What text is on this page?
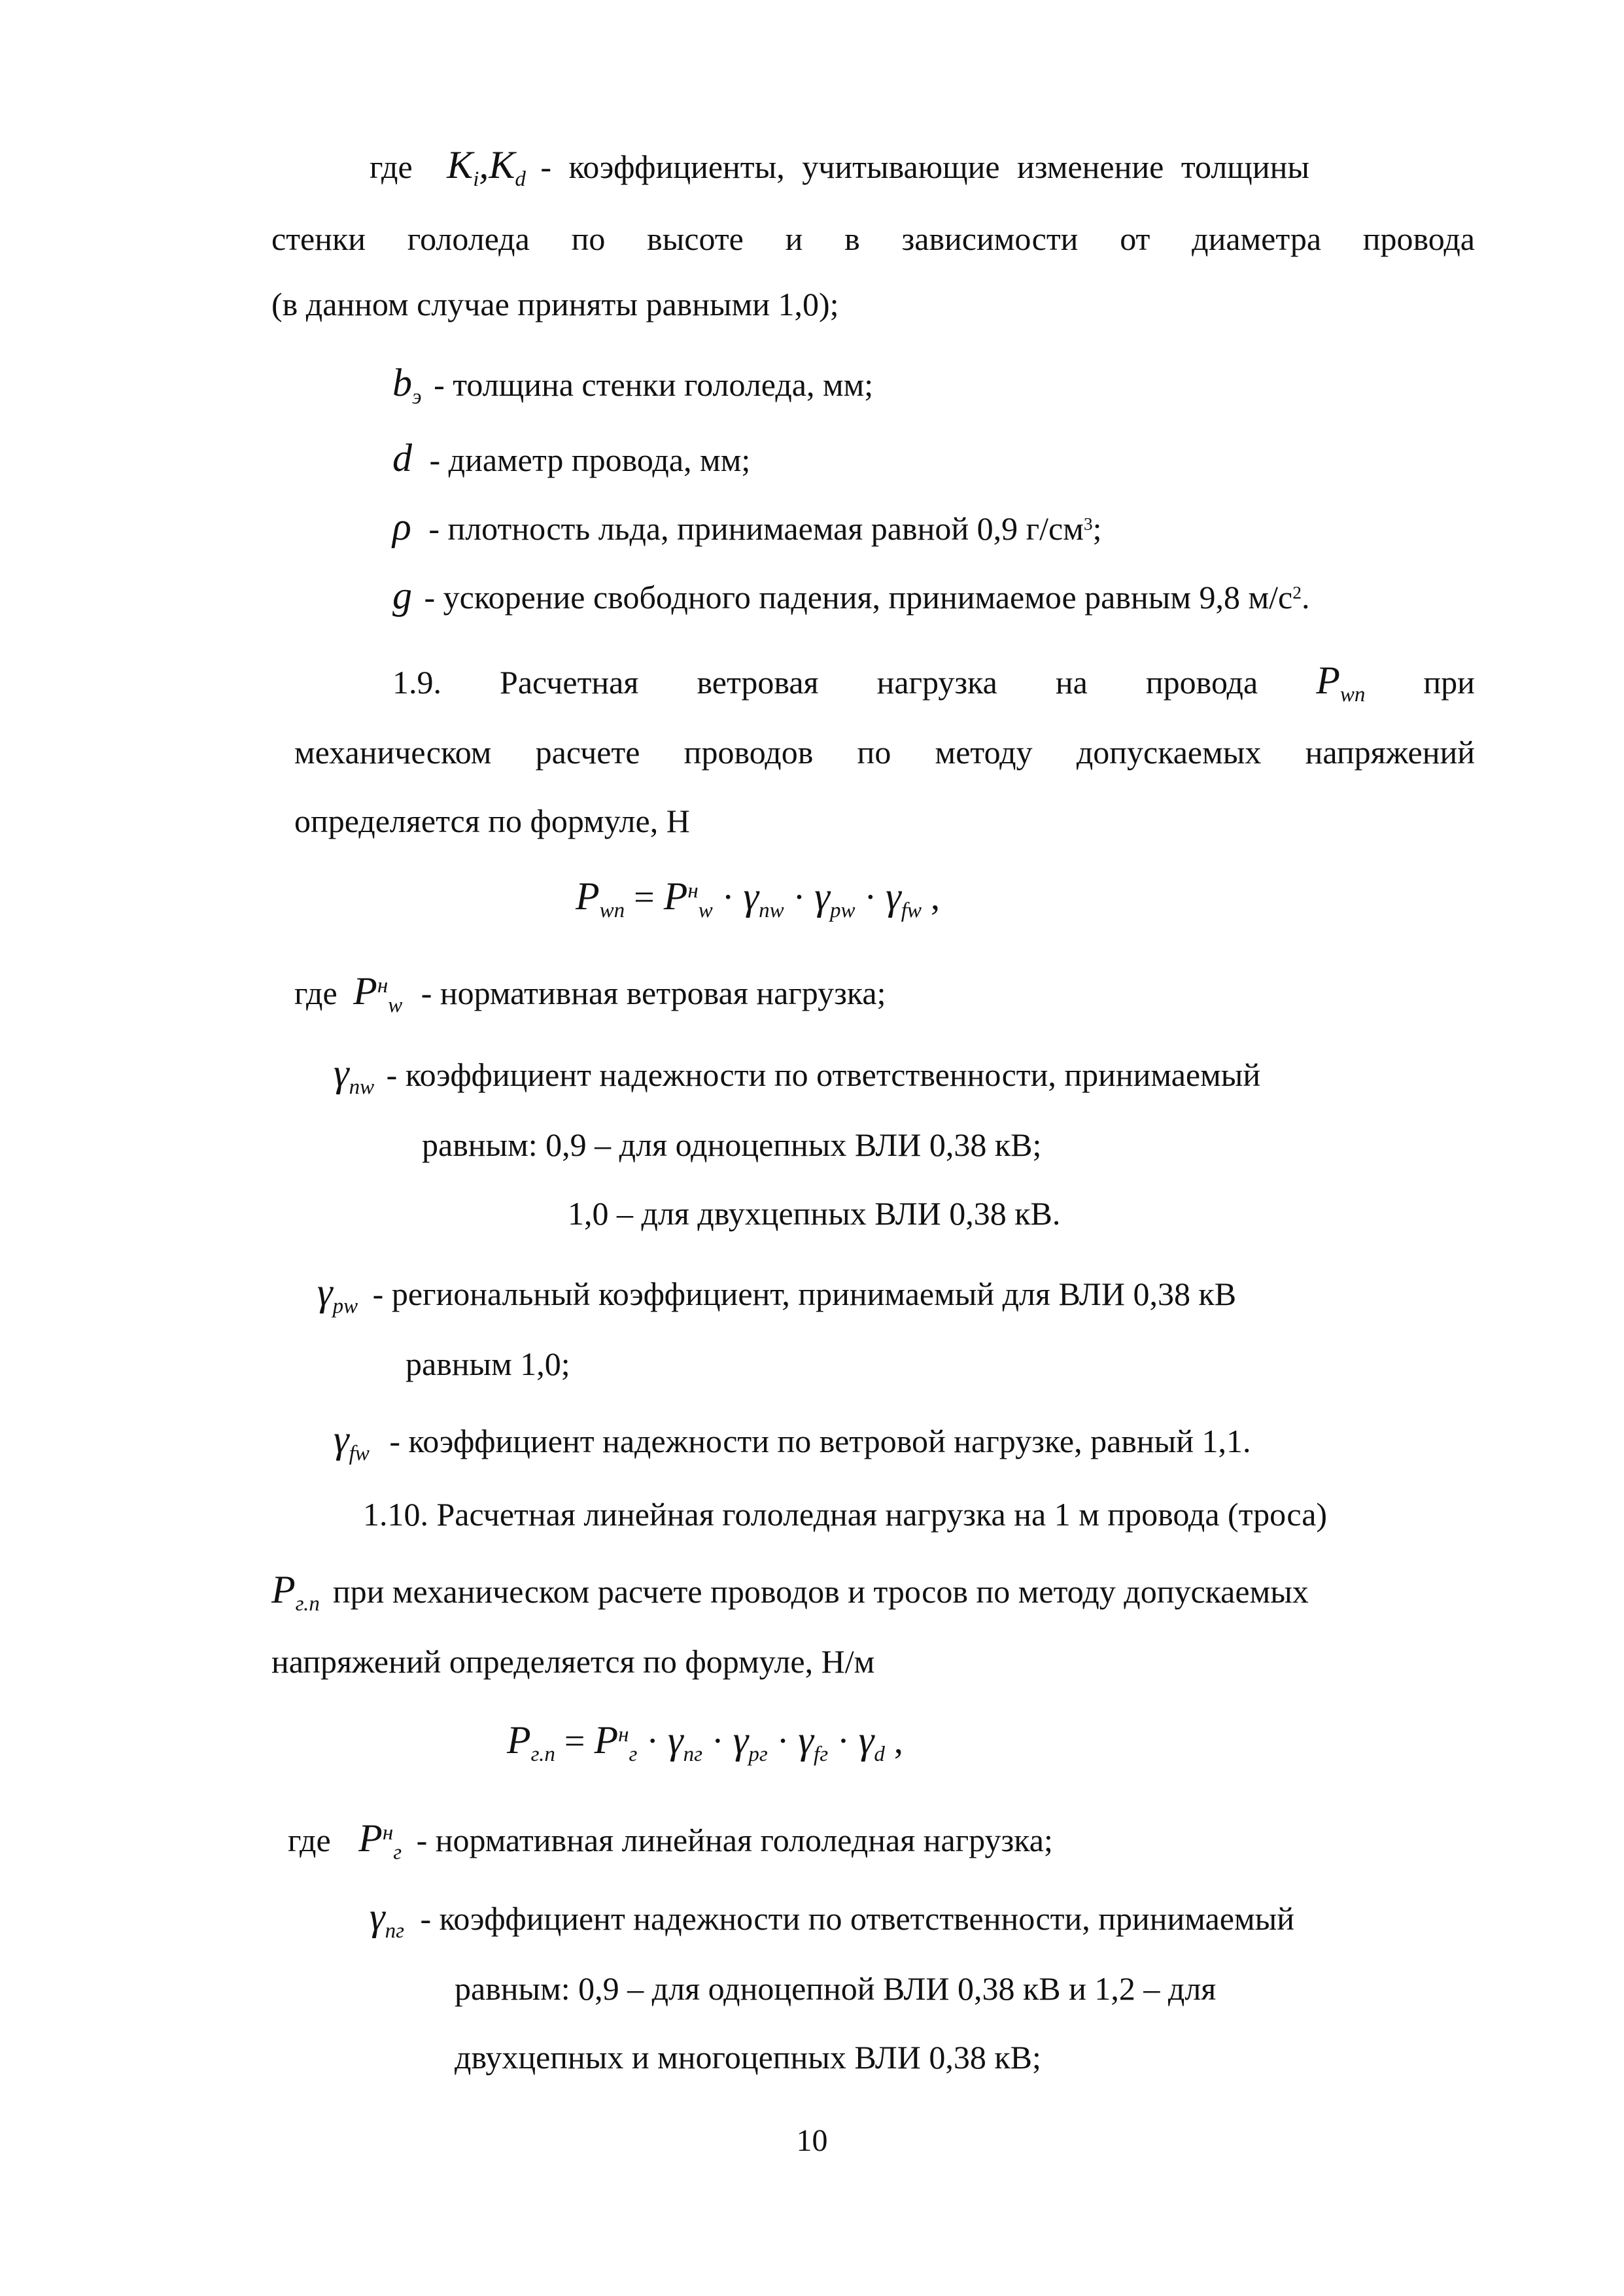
где $K_i,K_d$ - коэффициенты, учитывающие изменение толщины
стенки гололеда по высоте и в зависимости от диаметра провода
(в данном случае приняты равными 1,0);
$b_э$ - толщина стенки гололеда, мм;
d - диаметр провода, мм;
ρ - плотность льда, принимаемая равной 0,9 $г/см^3$;
g - ускорение свободного падения, принимаемое равным 9,8 $м/с^2$.
1.9. Расчетная ветровая нагрузка на провода $P_{wп}$ при
механическом расчете проводов по методу допускаемых напряжений
определяется по формуле, Н
$P_{wп} = P^н_w \cdot \gamma_{nw} \cdot \gamma_{pw} \cdot \gamma_{fw}$ ,
где $P^н_w$ - нормативная ветровая нагрузка;
$\gamma_{nw}$ - коэффициент надежности по ответственности, принимаемый
равным: 0,9 – для одноцепных ВЛИ 0,38 кВ;
1,0 – для двухцепных ВЛИ 0,38 кВ.
$\gamma_{pw}$ - региональный коэффициент, принимаемый для ВЛИ 0,38 кВ
равным 1,0;
$\gamma_{fw}$ - коэффициент надежности по ветровой нагрузке, равный 1,1.
1.10. Расчетная линейная гололедная нагрузка на 1 м провода (троса)
$P_{г.п}$ при механическом расчете проводов и тросов по методу допускаемых
напряжений определяется по формуле, Н/м
$P_{г.п} = P^н_г \cdot \gamma_{nг} \cdot \gamma_{pг} \cdot \gamma_{fг} \cdot \gamma_d$ ,
где $P^н_г$ - нормативная линейная гололедная нагрузка;
$\gamma_{nг}$ - коэффициент надежности по ответственности, принимаемый
равным: 0,9 – для одноцепной ВЛИ 0,38 кВ и 1,2 – для
двухцепных и многоцепных ВЛИ 0,38 кВ;
10
